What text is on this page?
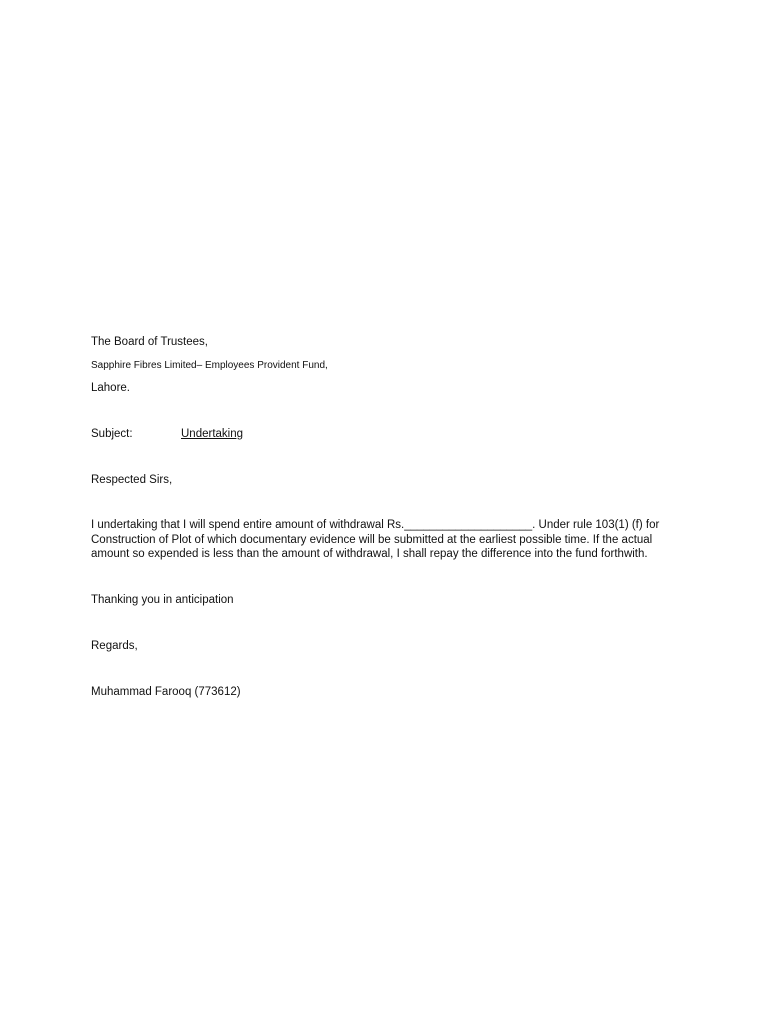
The Board of Trustees,

Sapphire Fibres Limited– Employees Provident Fund,

Lahore.

Subject:	Undertaking

Respected Sirs,

I undertaking that I will spend entire amount of withdrawal Rs.____________________. Under rule 103(1) (f) for Construction of Plot of which documentary evidence will be submitted at the earliest possible time. If the actual amount so expended is less than the amount of withdrawal, I shall repay the difference into the fund forthwith.

Thanking you in anticipation

Regards,

Muhammad Farooq (773612)
